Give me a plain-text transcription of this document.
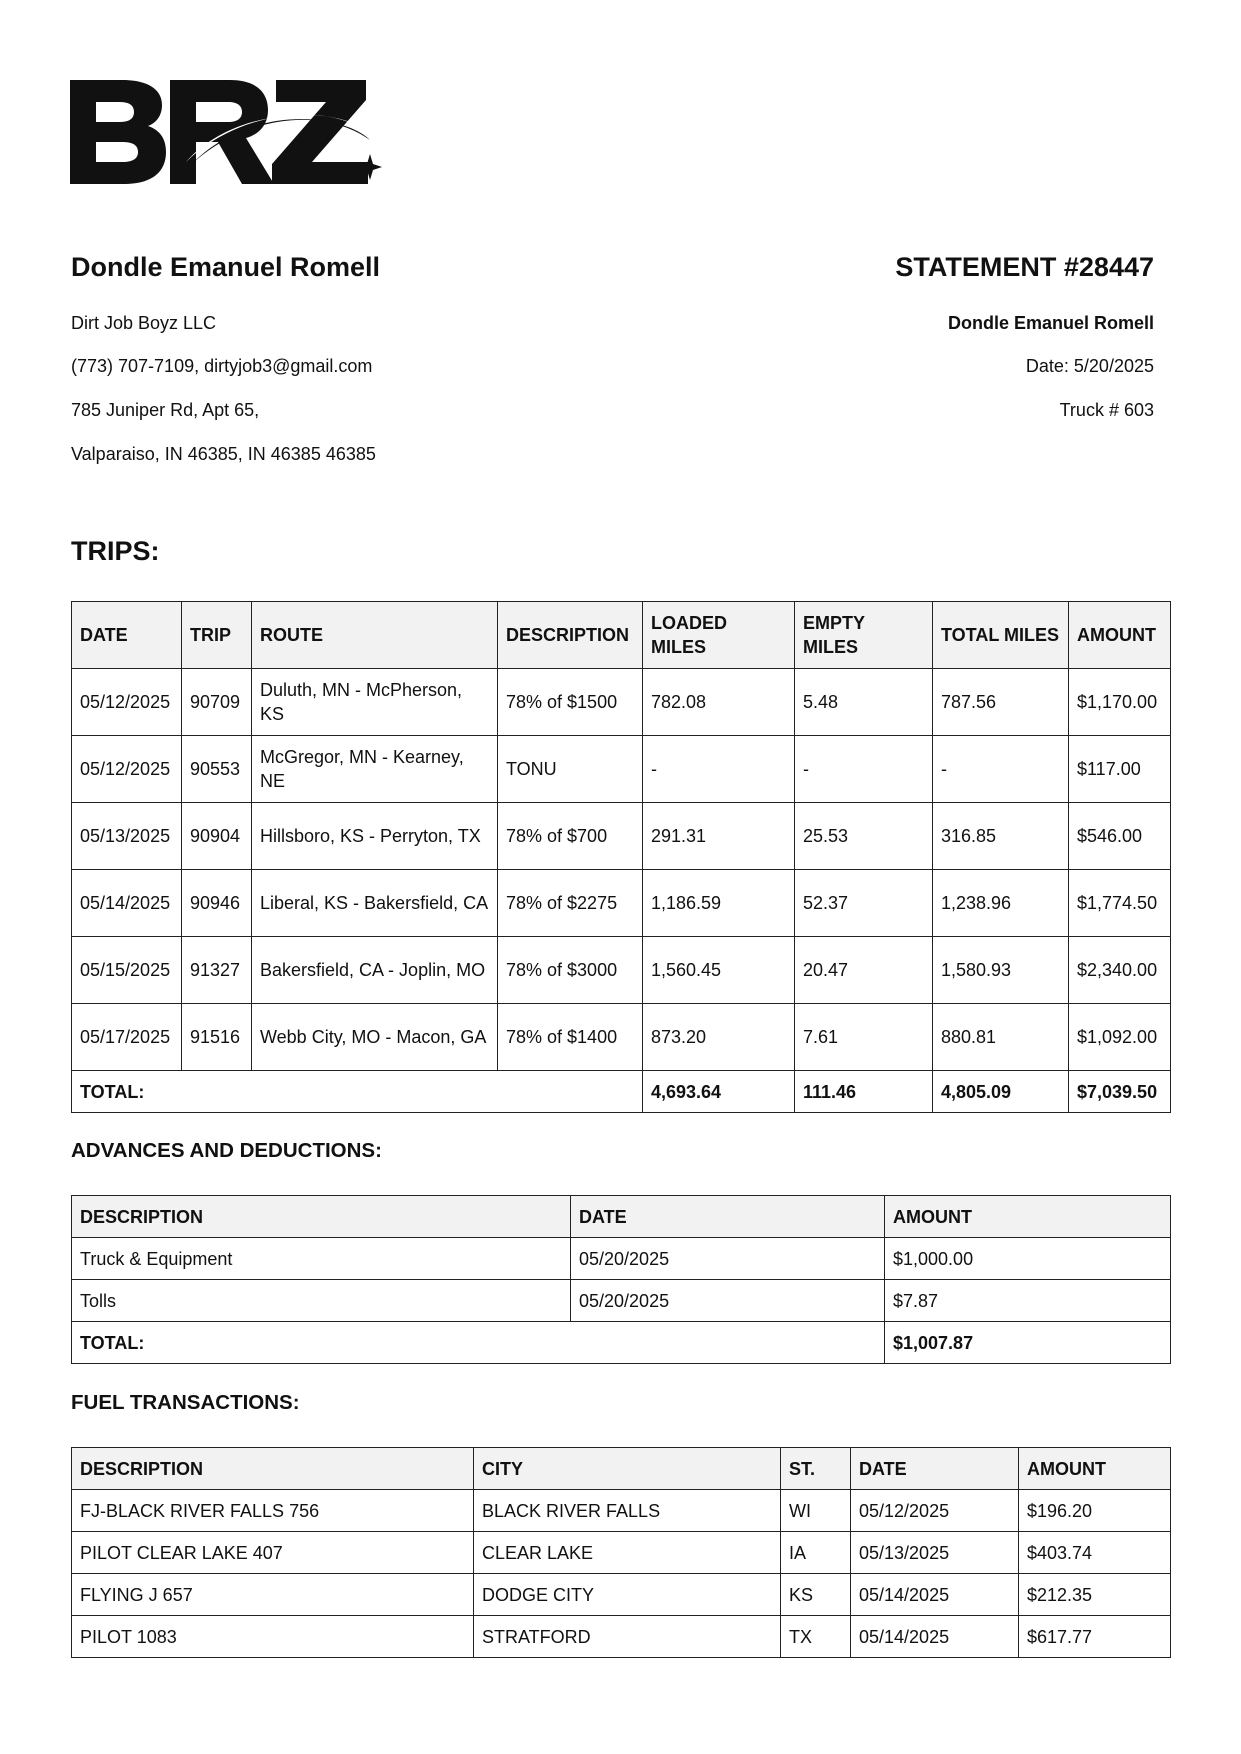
Dondle Emanuel Romell	STATEMENT #28447
Dirt Job Boyz LLC
(773) 707-7109, dirtyjob3@gmail.com
785 Juniper Rd, Apt 65,
Valparaiso, IN 46385, IN 46385 46385
Dondle Emanuel Romell
Date: 5/20/2025
Truck # 603
TRIPS:
DATE	TRIP	ROUTE	DESCRIPTION	LOADED MILES	EMPTY MILES	TOTAL MILES	AMOUNT
05/12/2025	90709	Duluth, MN - McPherson, KS	78% of $1500	782.08	5.48	787.56	$1,170.00
05/12/2025	90553	McGregor, MN - Kearney, NE	TONU	-	-	-	$117.00
05/13/2025	90904	Hillsboro, KS - Perryton, TX	78% of $700	291.31	25.53	316.85	$546.00
05/14/2025	90946	Liberal, KS - Bakersfield, CA	78% of $2275	1,186.59	52.37	1,238.96	$1,774.50
05/15/2025	91327	Bakersfield, CA - Joplin, MO	78% of $3000	1,560.45	20.47	1,580.93	$2,340.00
05/17/2025	91516	Webb City, MO - Macon, GA	78% of $1400	873.20	7.61	880.81	$1,092.00
TOTAL:				4,693.64	111.46	4,805.09	$7,039.50
ADVANCES AND DEDUCTIONS:
DESCRIPTION	DATE	AMOUNT
Truck & Equipment	05/20/2025	$1,000.00
Tolls	05/20/2025	$7.87
TOTAL:		$1,007.87
FUEL TRANSACTIONS:
DESCRIPTION	CITY	ST.	DATE	AMOUNT
FJ-BLACK RIVER FALLS 756	BLACK RIVER FALLS	WI	05/12/2025	$196.20
PILOT CLEAR LAKE 407	CLEAR LAKE	IA	05/13/2025	$403.74
FLYING J 657	DODGE CITY	KS	05/14/2025	$212.35
PILOT 1083	STRATFORD	TX	05/14/2025	$617.77
